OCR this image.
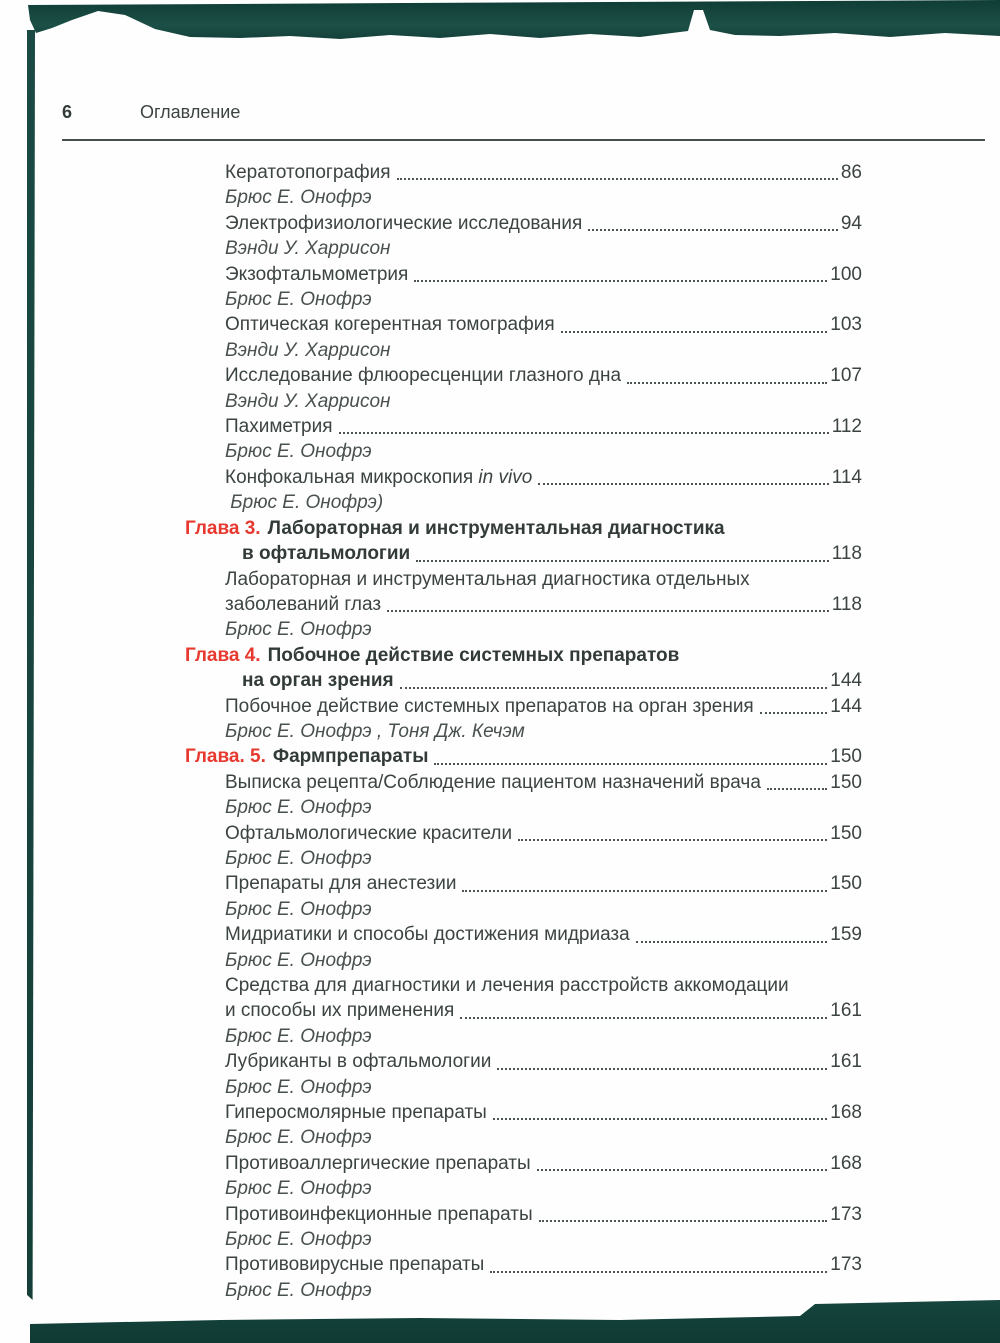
6	Оглавление
Кератотопография	86
Брюс Е. Онофрэ
Электрофизиологические исследования	94
Вэнди У. Харрисон
Экзофтальмометрия	100
Брюс Е. Онофрэ
Оптическая когерентная томография	103
Вэнди У. Харрисон
Исследование флюоресценции глазного дна	107
Вэнди У. Харрисон
Пахиметрия	112
Брюс Е. Онофрэ
Конфокальная микроскопия in vivo	114
Брюс Е. Онофрэ)
Глава 3. Лабораторная и инструментальная диагностика
в офтальмологии	118
Лабораторная и инструментальная диагностика отдельных
заболеваний глаз	118
Брюс Е. Онофрэ
Глава 4. Побочное действие системных препаратов
на орган зрения	144
Побочное действие системных препаратов на орган зрения	144
Брюс Е. Онофрэ , Тоня Дж. Кечэм
Глава. 5. Фармпрепараты	150
Выписка рецепта/Соблюдение пациентом назначений врача	150
Брюс Е. Онофрэ
Офтальмологические красители	150
Брюс Е. Онофрэ
Препараты для анестезии	150
Брюс Е. Онофрэ
Мидриатики и способы достижения мидриаза	159
Брюс Е. Онофрэ
Средства для диагностики и лечения расстройств аккомодации
и способы их применения	161
Брюс Е. Онофрэ
Лубриканты в офтальмологии	161
Брюс Е. Онофрэ
Гиперосмолярные препараты	168
Брюс Е. Онофрэ
Противоаллергические препараты	168
Брюс Е. Онофрэ
Противоинфекционные препараты	173
Брюс Е. Онофрэ
Противовирусные препараты	173
Брюс Е. Онофрэ
